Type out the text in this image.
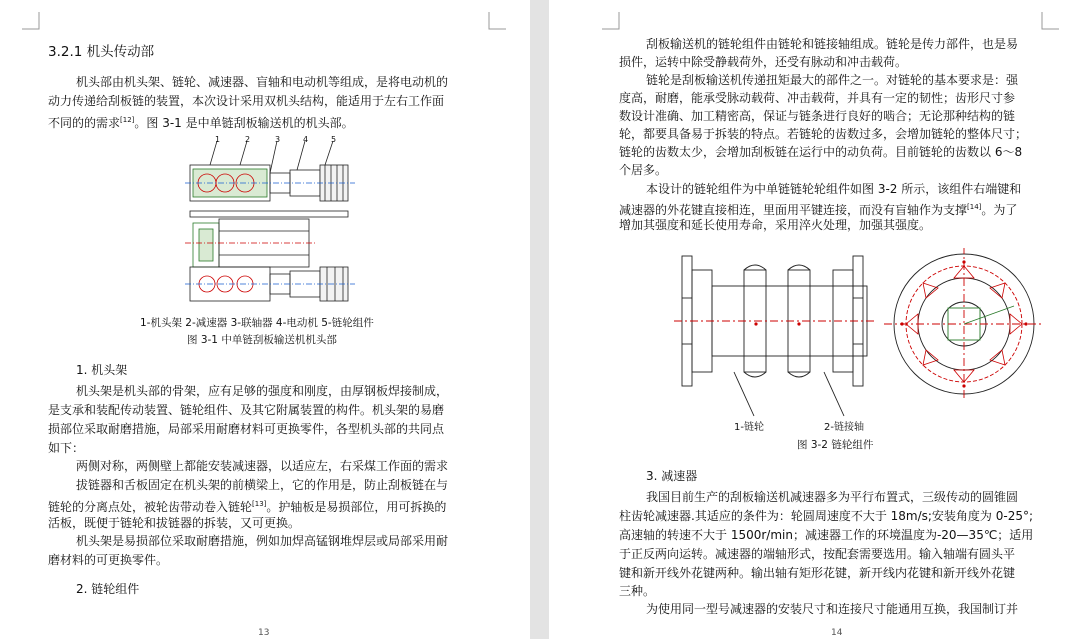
3.2.1 机头传动部
机头部由机头架、链轮、减速器、盲轴和电动机等组成，是将电动机的
动力传递给刮板链的装置，本次设计采用双机头结构，能适用于左右工作面
不同的的需求[12]。图 3-1 是中单链刮板输送机的机头部。
1	2	3	4	5
1-机头架 2-减速器 3-联轴器 4-电动机 5-链轮组件
图 3-1 中单链刮板输送机机头部
1. 机头架
机头架是机头部的骨架，应有足够的强度和刚度，由厚钢板焊接制成，
是支承和装配传动装置、链轮组件、及其它附属装置的构件。机头架的易磨
损部位采取耐磨措施，局部采用耐磨材料可更换零件，各型机头部的共同点
如下：
两侧对称，两侧壁上都能安装减速器，以适应左，右采煤工作面的需求
拔链器和舌板固定在机头架的前横梁上，它的作用是，防止刮板链在与
链轮的分离点处，被轮齿带动卷入链轮[13]。护轴板是易损部位，用可拆换的
活板，既便于链轮和拔链器的拆装，又可更换。
机头架是易损部位采取耐磨措施，例如加焊高锰钢堆焊层或局部采用耐
磨材料的可更换零件。
2. 链轮组件
13
刮板输送机的链轮组件由链轮和链接轴组成。链轮是传力部件，也是易
损件，运转中除受静载荷外，还受有脉动和冲击载荷。
链轮是刮板输送机传递扭矩最大的部件之一。对链轮的基本要求是：强
度高，耐磨，能承受脉动载荷、冲击载荷，并具有一定的韧性；齿形尺寸参
数设计准确、加工精密高，保证与链条进行良好的啮合；无论那种结构的链
轮，都要具备易于拆装的特点。若链轮的齿数过多，会增加链轮的整体尺寸；
链轮的齿数太少，会增加刮板链在运行中的动负荷。目前链轮的齿数以 6～8
个居多。
本设计的链轮组件为中单链链轮轮组件如图 3-2 所示，该组件右端键和
减速器的外花键直接相连，里面用平键连接，而没有盲轴作为支撑[14]。为了
增加其强度和延长使用寿命，采用淬火处理，加强其强度。
1-链轮	2-链接轴
图 3-2 链轮组件
3. 减速器
我国目前生产的刮板输送机减速器多为平行布置式，三级传动的圆锥圆
柱齿轮减速器.其适应的条件为：轮圆周速度不大于 18m/s;安装角度为 0-25°;
高速轴的转速不大于 1500r/min；减速器工作的环境温度为-20—35℃；适用
于正反两向运转。减速器的端轴形式，按配套需要选用。输入轴端有圆头平
键和新开线外花键两种。输出轴有矩形花键，新开线内花键和新开线外花键
三种。
为使用同一型号减速器的安装尺寸和连接尺寸能通用互换，我国制订并
14
